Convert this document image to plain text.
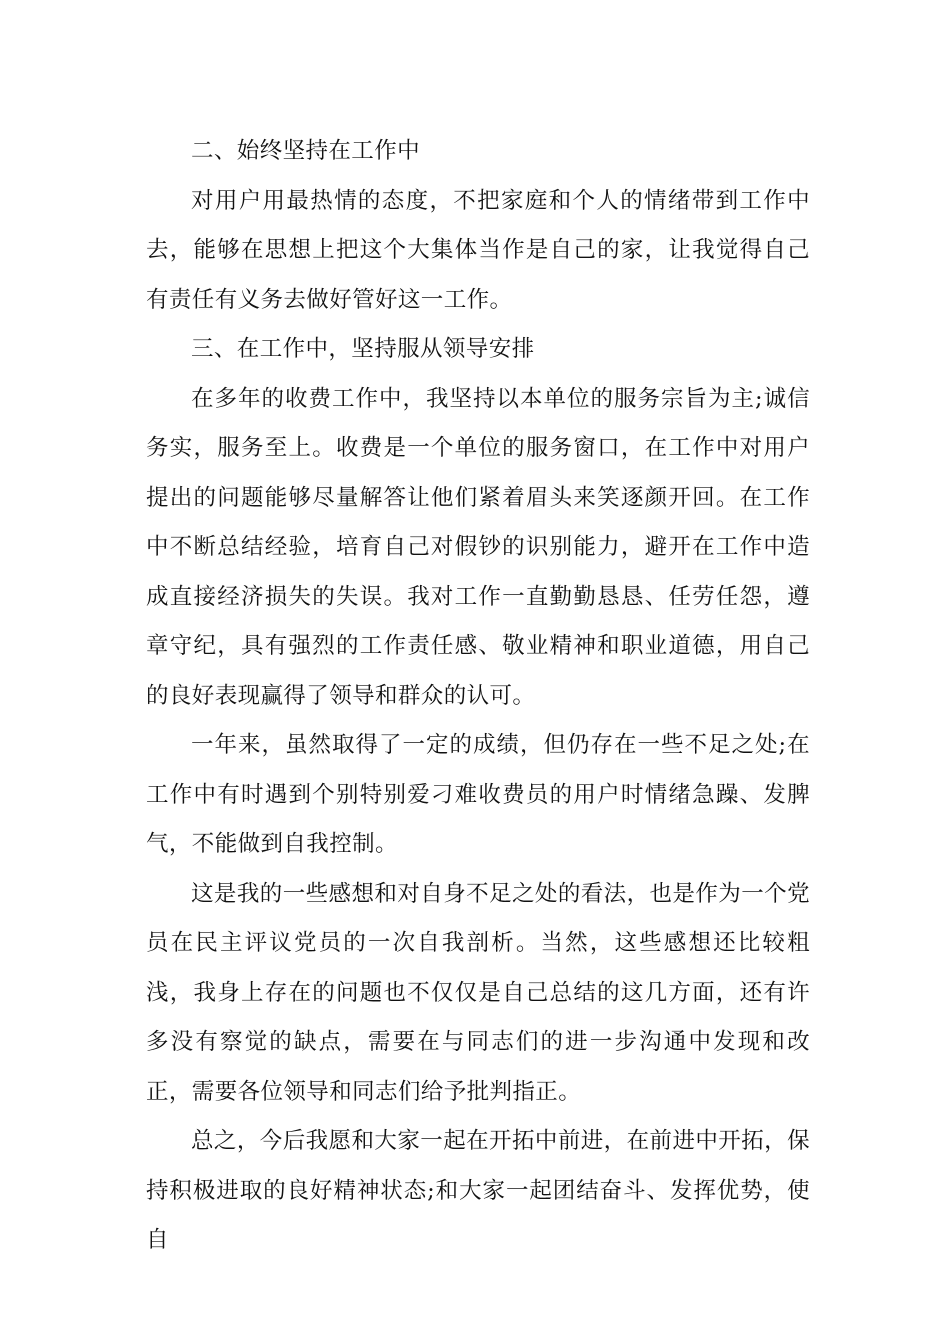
二、始终坚持在工作中

对用户用最热情的态度，不把家庭和个人的情绪带到工作中去，能够在思想上把这个大集体当作是自己的家，让我觉得自己有责任有义务去做好管好这一工作。

三、在工作中，坚持服从领导安排

在多年的收费工作中，我坚持以本单位的服务宗旨为主;诚信务实，服务至上。收费是一个单位的服务窗口，在工作中对用户提出的问题能够尽量解答让他们紧着眉头来笑逐颜开回。在工作中不断总结经验，培育自己对假钞的识别能力，避开在工作中造成直接经济损失的失误。我对工作一直勤勤恳恳、任劳任怨，遵章守纪，具有强烈的工作责任感、敬业精神和职业道德，用自己的良好表现赢得了领导和群众的认可。

一年来，虽然取得了一定的成绩，但仍存在一些不足之处;在工作中有时遇到个别特别爱刁难收费员的用户时情绪急躁、发脾气，不能做到自我控制。

这是我的一些感想和对自身不足之处的看法，也是作为一个党员在民主评议党员的一次自我剖析。当然，这些感想还比较粗浅，我身上存在的问题也不仅仅是自己总结的这几方面，还有许多没有察觉的缺点，需要在与同志们的进一步沟通中发现和改正，需要各位领导和同志们给予批判指正。

总之，今后我愿和大家一起在开拓中前进，在前进中开拓，保持积极进取的良好精神状态;和大家一起团结奋斗、发挥优势，使自
